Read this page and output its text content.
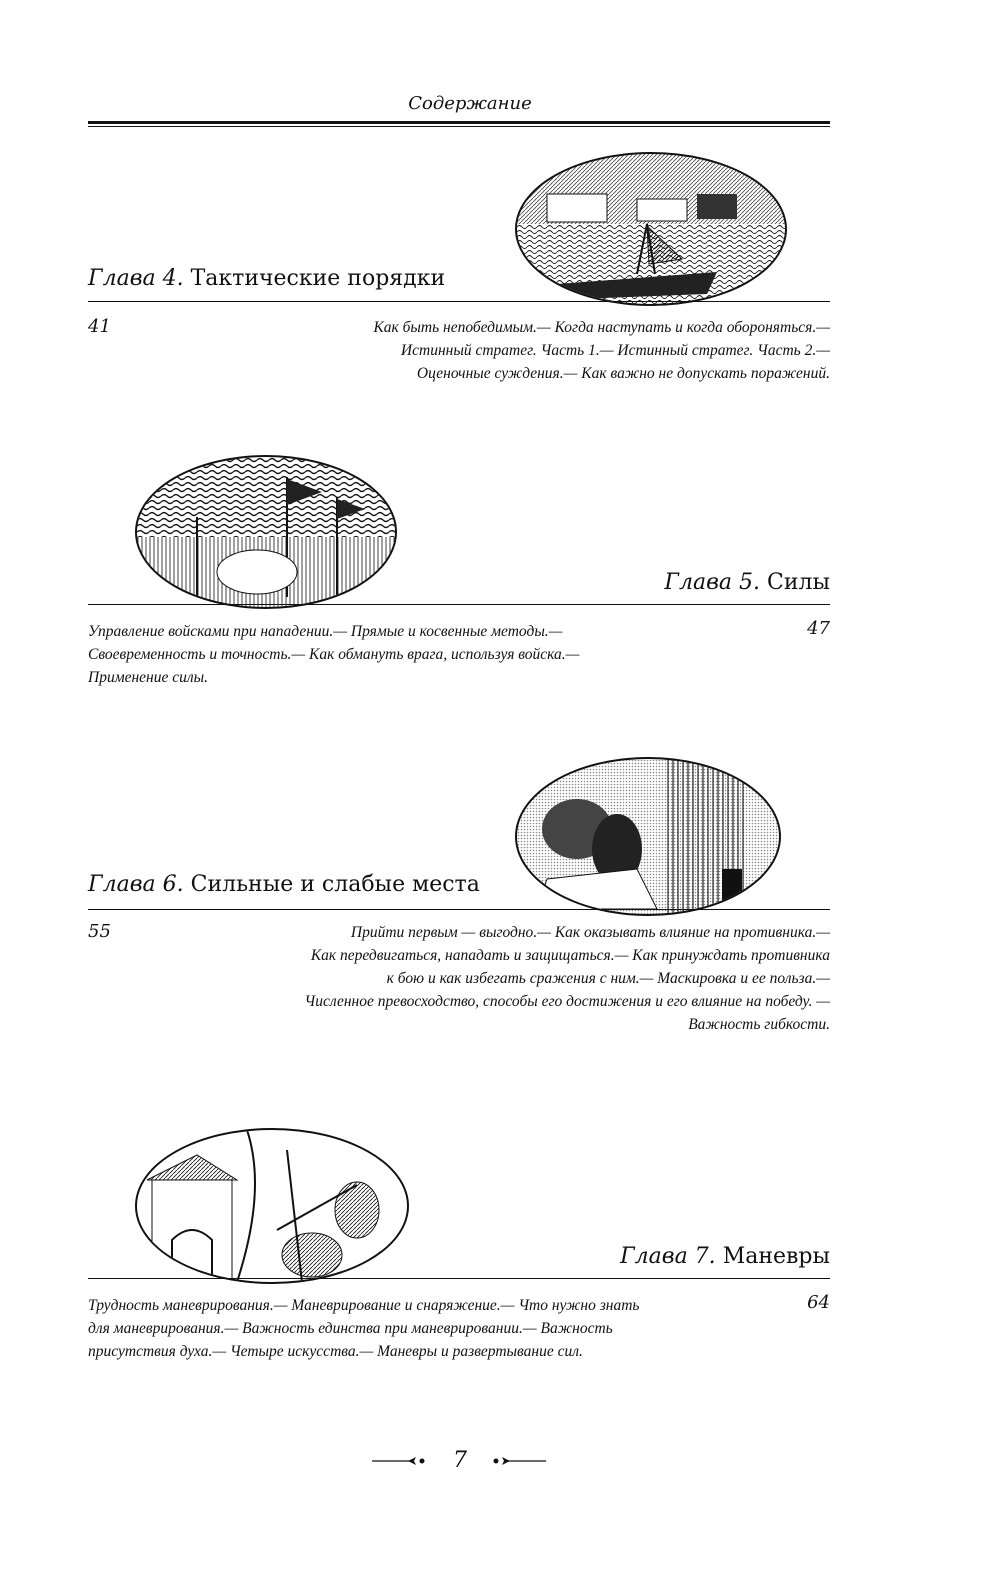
Содержание
Глава 4. Тактические порядки
41	Как быть непобедимым.— Когда наступать и когда обороняться.—
Истинный стратег. Часть 1.— Истинный стратег. Часть 2.—
Оценочные суждения.— Как важно не допускать поражений.
Глава 5. Силы
Управление войсками при нападении.— Прямые и косвенные методы.—
Своевременность и точность.— Как обмануть врага, используя войска.—
Применение силы.
47
Глава 6. Сильные и слабые места
55	Прийти первым — выгодно.— Как оказывать влияние на противника.—
Как передвигаться, нападать и защищаться.— Как принуждать противника
к бою и как избегать сражения с ним.— Маскировка и ее польза.—
Численное превосходство, способы его достижения и его влияние на победу. —
Важность гибкости.
Глава 7. Маневры
Трудность маневрирования.— Маневрирование и снаряжение.— Что нужно знать
для маневрирования.— Важность единства при маневрировании.— Важность
присутствия духа.— Четыре искусства.— Маневры и развертывание сил.
64
7
